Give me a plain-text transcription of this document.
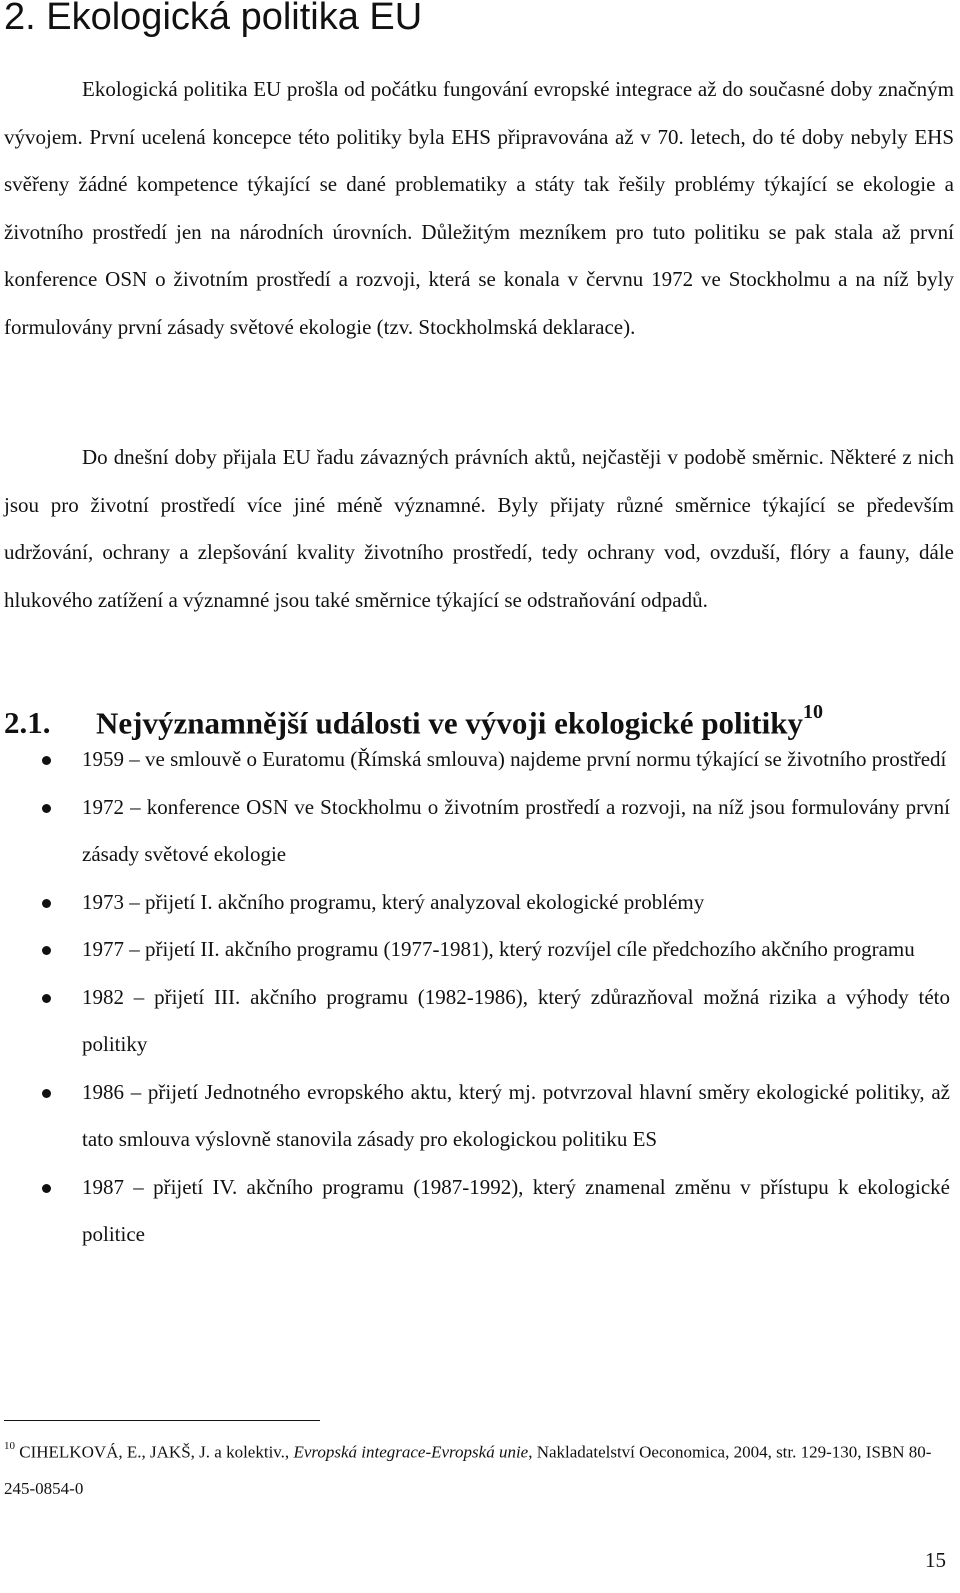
2. Ekologická politika EU

Ekologická politika EU prošla od počátku fungování evropské integrace až do současné doby značným vývojem. První ucelená koncepce této politiky byla EHS připravována až v 70. letech, do té doby nebyly EHS svěřeny žádné kompetence týkající se dané problematiky a státy tak řešily problémy týkající se ekologie a životního prostředí jen na národních úrovních. Důležitým mezníkem pro tuto politiku se pak stala až první konference OSN o životním prostředí a rozvoji, která se konala v červnu 1972 ve Stockholmu a na níž byly formulovány první zásady světové ekologie (tzv. Stockholmská deklarace).

Do dnešní doby přijala EU řadu závazných právních aktů, nejčastěji v podobě směrnic. Některé z nich jsou pro životní prostředí více jiné méně významné. Byly přijaty různé směrnice týkající se především udržování, ochrany a zlepšování kvality životního prostředí, tedy ochrany vod, ovzduší, flóry a fauny, dále hlukového zatížení a významné jsou také směrnice týkající se odstraňování odpadů.

2.1. Nejvýznamnější události ve vývoji ekologické politiky$^{10}$
1959 – ve smlouvě o Euratomu (Římská smlouva) najdeme první normu týkající se životního prostředí
1972 – konference OSN ve Stockholmu o životním prostředí a rozvoji, na níž jsou formulovány první zásady světové ekologie
1973 – přijetí I. akčního programu, který analyzoval ekologické problémy
1977 – přijetí II. akčního programu (1977-1981), který rozvíjel cíle předchozího akčního programu
1982 – přijetí III. akčního programu (1982-1986), který zdůrazňoval možná rizika a výhody této politiky
1986 – přijetí Jednotného evropského aktu, který mj. potvrzoval hlavní směry ekologické politiky, až tato smlouva výslovně stanovila zásady pro ekologickou politiku ES
1987 – přijetí IV. akčního programu (1987-1992), který znamenal změnu v přístupu k ekologické politice

$^{10}$ CIHELKOVÁ, E., JAKŠ, J. a kolektiv., Evropská integrace-Evropská unie, Nakladatelství Oeconomica, 2004, str. 129-130, ISBN 80-245-0854-0

15
